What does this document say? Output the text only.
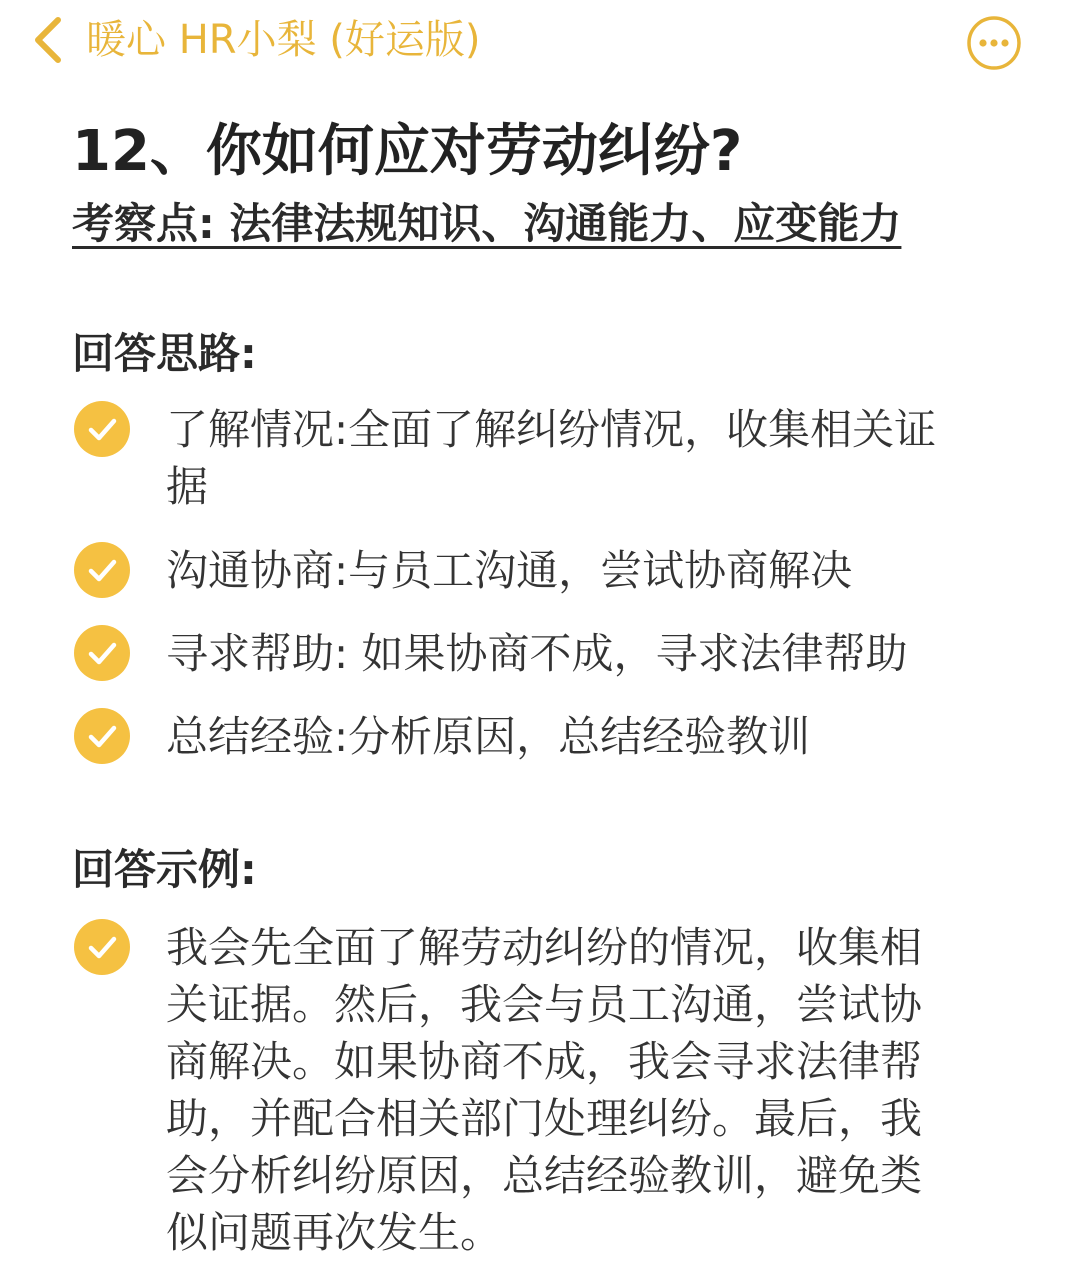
暖心 HR小梨 (好运版)
12、你如何应对劳动纠纷?
考察点: 法律法规知识、沟通能力、应变能力
回答思路:
了解情况:全面了解纠纷情况，收集相关证
据
沟通协商:与员工沟通，尝试协商解决
寻求帮助: 如果协商不成，寻求法律帮助
总结经验:分析原因，总结经验教训
回答示例:
我会先全面了解劳动纠纷的情况，收集相
关证据。然后，我会与员工沟通，尝试协
商解决。如果协商不成，我会寻求法律帮
助，并配合相关部门处理纠纷。最后，我
会分析纠纷原因，总结经验教训，避免类
似问题再次发生。
